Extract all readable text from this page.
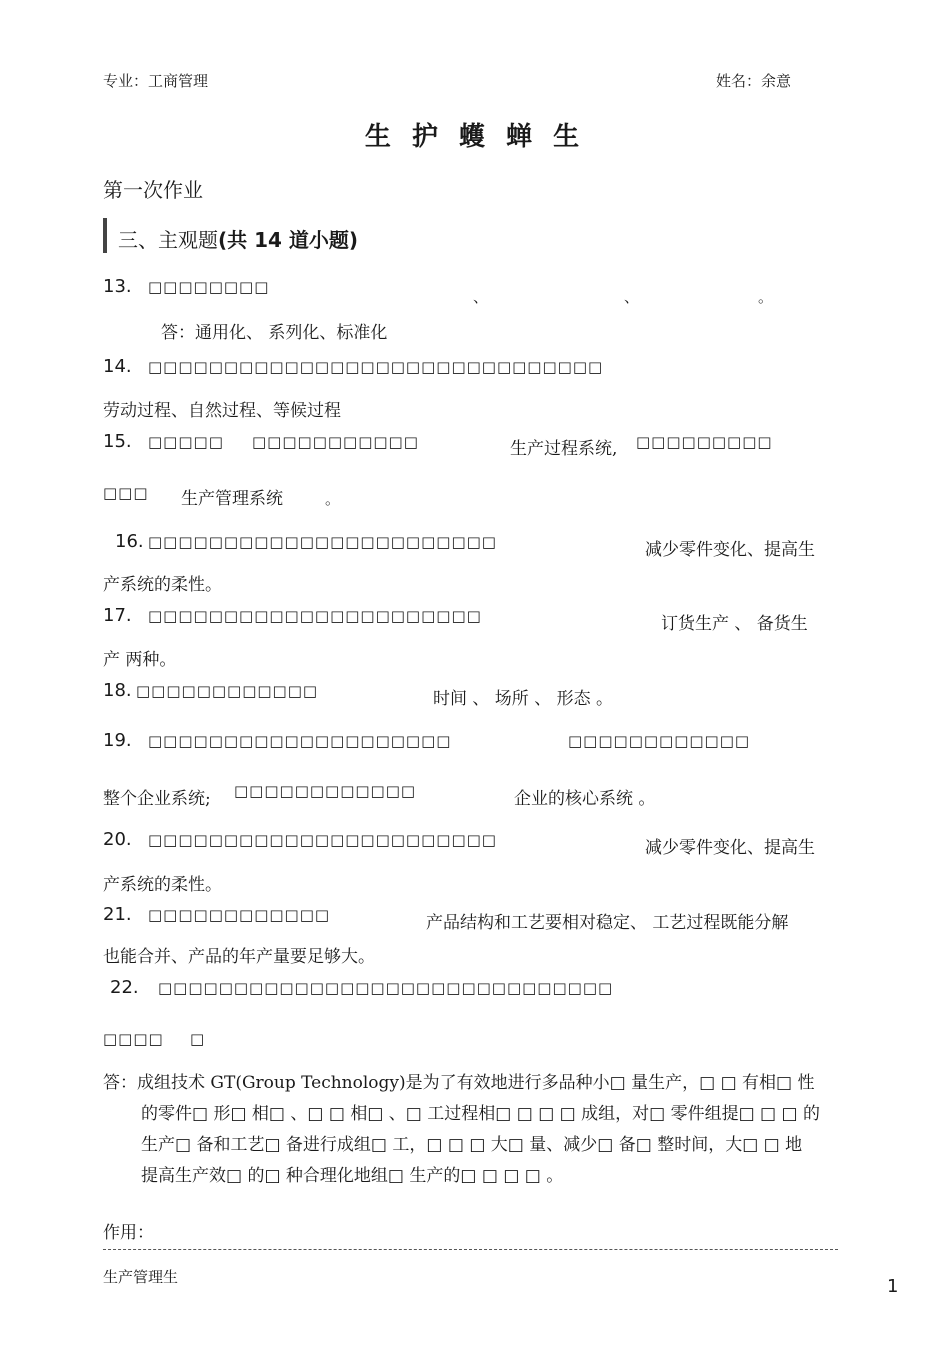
专业：工商管理	姓名：余意
生 护 蠖 蝉 生
第一次作业
三、主观题(共 14 道小题)
13. □□□□□□□□
、	、	。
答：通用化、 系列化、标准化
14. □□□□□□□□□□□□□□□□□□□□□□□□□□□□□□
劳动过程、自然过程、等候过程
15. □□□□□ □□□□□□□□□□□	生产过程系统, □□□□□□□□□
□□□ 生产管理系统	。
16. □□□□□□□□□□□□□□□□□□□□□□□	减少零件变化、提高生
产系统的柔性。
17. □□□□□□□□□□□□□□□□□□□□□□	订货生产 、 备货生
产 两种。
18. □□□□□□□□□□□□	时间 、 场所 、 形态 。
19. □□□□□□□□□□□□□□□□□□□□	□□□□□□□□□□□□
整个企业系统; □□□□□□□□□□□□	企业的核心系统 。
20. □□□□□□□□□□□□□□□□□□□□□□□	减少零件变化、提高生
产系统的柔性。
21. □□□□□□□□□□□□	产品结构和工艺要相对稳定、 工艺过程既能分解
也能合并、产品的年产量要足够大。
22. □□□□□□□□□□□□□□□□□□□□□□□□□□□□□□
□□□□ □
答：成组技术 GT(Group Technology)是为了有效地进行多品种小□ 量生产，□ □ 有相□ 性
的零件□ 形□ 相□ 、□ □ 相□ 、□ 工过程相□ □ □ □ 成组，对□ 零件组提□ □ □ 的
生产□ 备和工艺□ 备进行成组□ 工，□ □ □ 大□ 量、减少□ 备□ 整时间，大□ □ 地
提高生产效□ 的□ 种合理化地组□ 生产的□ □ □ □ 。
作用：
生产管理生	1
